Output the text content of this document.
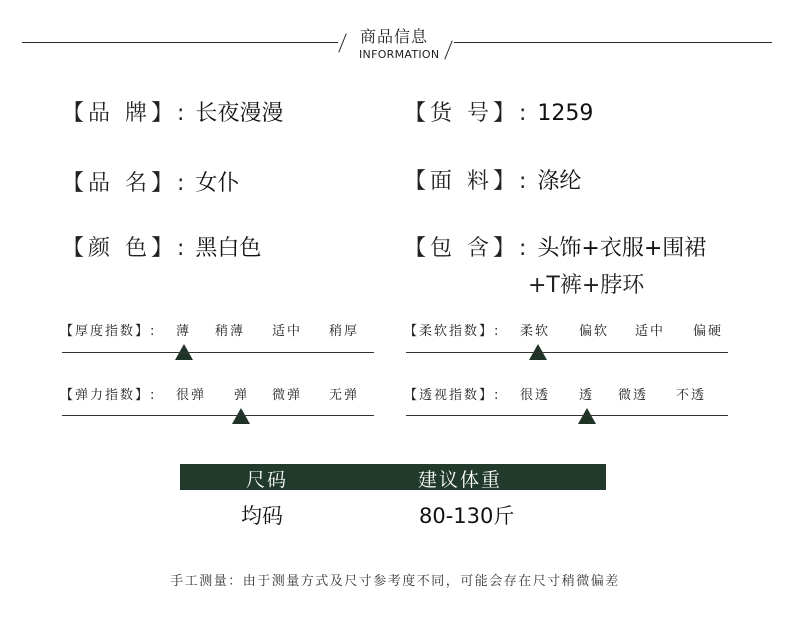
商品信息
INFORMATION
【品 牌】: 长夜漫漫
【品 名】: 女仆
【颜 色】: 黑白色
【货 号】: 1259
【面 料】: 涤纶
【包 含】: 头饰+衣服+围裙
+T裤+脖环
【厚度指数】: 薄 稍薄 适中 稍厚	【柔软指数】: 柔软 偏软 适中 偏硬
【弹力指数】: 很弹 弹 微弹 无弹	【透视指数】: 很透 透 微透 不透
尺码	建议体重
均码	80-130斤
手工测量：由于测量方式及尺寸参考度不同，可能会存在尺寸稍微偏差
